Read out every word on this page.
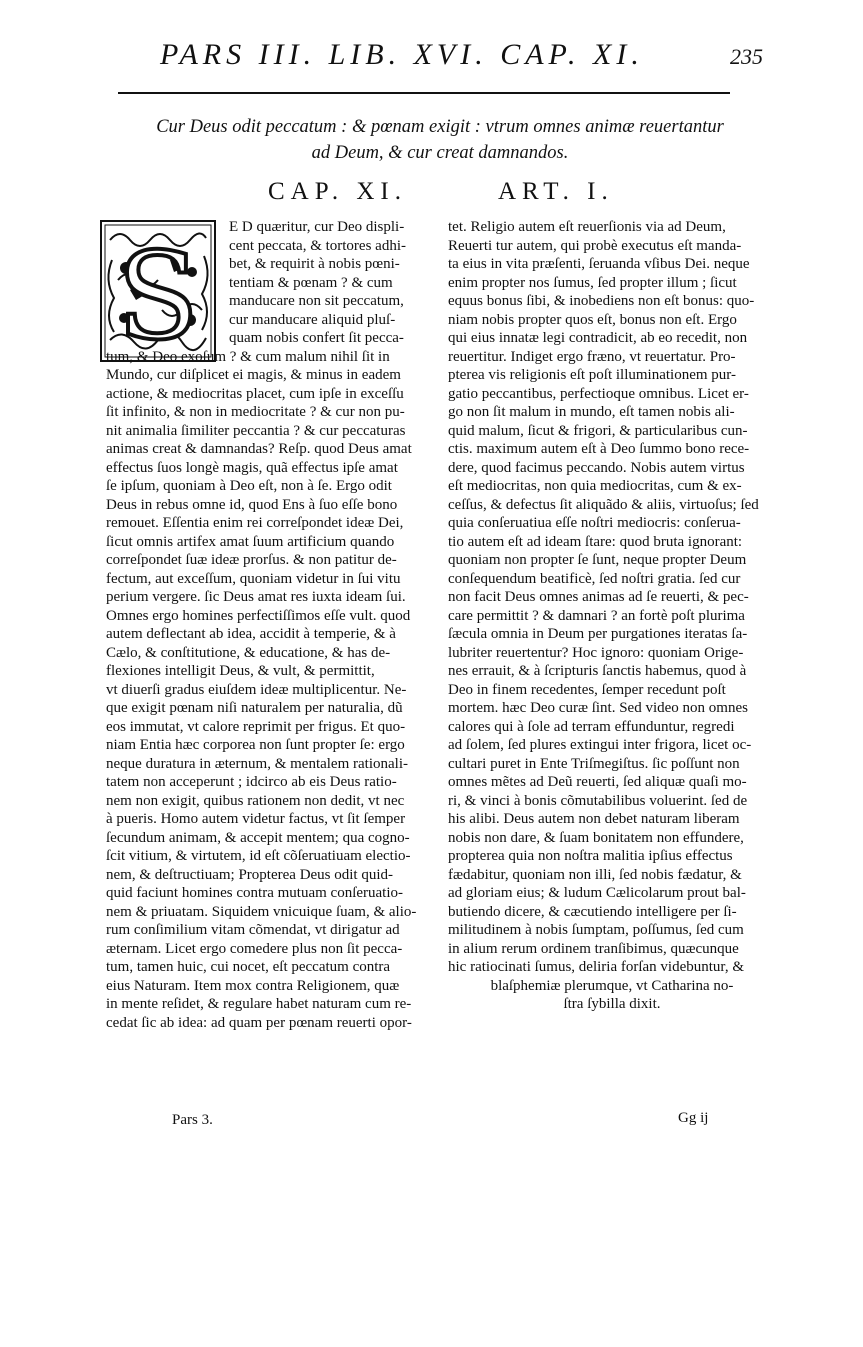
PARS III. LIB. XVI. CAP. XI.	235
Cur Deus odit peccatum : & pœnam exigit : vtrum omnes animæ reuertantur
ad Deum, & cur creat damnandos.
CAP. XI.	ART. I.
S
E D quæritur, cur Deo displi-
cent peccata, & tortores adhi-
bet, & requirit à nobis pœni-
tentiam & pœnam ? & cum
manducare non sit peccatum,
cur manducare aliquid pluſ-
quam nobis confert ſit pecca-
tum, & Deo exoſum ? & cum malum nihil ſit in
Mundo, cur diſplicet ei magis, & minus in eadem
actione, & mediocritas placet, cum ipſe in exceſſu
ſit infinito, & non in mediocritate ? & cur non pu-
nit animalia ſimiliter peccantia ? & cur peccaturas
animas creat & damnandas? Reſp. quod Deus amat
effectus ſuos longè magis, quã effectus ipſe amat
ſe ipſum, quoniam à Deo eſt, non à ſe. Ergo odit
Deus in rebus omne id, quod Ens à ſuo eſſe bono
remouet. Eſſentia enim rei correſpondet ideæ Dei,
ſicut omnis artifex amat ſuum artificium quando
correſpondet ſuæ ideæ prorſus. & non patitur de-
fectum, aut exceſſum, quoniam videtur in ſui vitu
perium vergere. ſic Deus amat res iuxta ideam ſui.
Omnes ergo homines perfectiſſimos eſſe vult. quod
autem deflectant ab idea, accidit à temperie, & à
Cælo, & conſtitutione, & educatione, & has de-
flexiones intelligit Deus, & vult, & permittit,
vt diuerſi gradus eiuſdem ideæ multiplicentur. Ne-
que exigit pœnam niſi naturalem per naturalia, dũ
eos immutat, vt calore reprimit per frigus. Et quo-
niam Entia hæc corporea non ſunt propter ſe: ergo
neque duratura in æternum, & mentalem rationali-
tatem non acceperunt ; idcirco ab eis Deus ratio-
nem non exigit, quibus rationem non dedit, vt nec
à pueris. Homo autem videtur factus, vt ſit ſemper
ſecundum animam, & accepit mentem; qua cogno-
ſcit vitium, & virtutem, id eſt cõſeruatiuam electio-
nem, & deſtructiuam; Propterea Deus odit quid-
quid faciunt homines contra mutuam conſeruatio-
nem & priuatam. Siquidem vnicuique ſuam, & alio-
rum conſimilium vitam cõmendat, vt dirigatur ad
æternam. Licet ergo comedere plus non ſit pecca-
tum, tamen huic, cui nocet, eſt peccatum contra
eius Naturam. Item mox contra Religionem, quæ
in mente reſidet, & regulare habet naturam cum re-
cedat ſic ab idea: ad quam per pœnam reuerti opor-
tet. Religio autem eſt reuerſionis via ad Deum,
Reuerti tur autem, qui probè executus eſt manda-
ta eius in vita præſenti, ſeruanda vſibus Dei. neque
enim propter nos ſumus, ſed propter illum ; ſicut
equus bonus ſibi, & inobediens non eſt bonus: quo-
niam nobis propter quos eſt, bonus non eſt. Ergo
qui eius innatæ legi contradicit, ab eo recedit, non
reuertitur. Indiget ergo fræno, vt reuertatur. Pro-
pterea vis religionis eſt poſt illuminationem pur-
gatio peccantibus, perfectioque omnibus. Licet er-
go non ſit malum in mundo, eſt tamen nobis ali-
quid malum, ſicut & frigori, & particularibus cun-
ctis. maximum autem eſt à Deo ſummo bono rece-
dere, quod facimus peccando. Nobis autem virtus
eſt mediocritas, non quia mediocritas, cum & ex-
ceſſus, & defectus ſit aliquãdo & aliis, virtuoſus; ſed
quia conſeruatiua eſſe noſtri mediocris: conſerua-
tio autem eſt ad ideam ſtare: quod bruta ignorant:
quoniam non propter ſe ſunt, neque propter Deum
conſequendum beatificè, ſed noſtri gratia. ſed cur
non facit Deus omnes animas ad ſe reuerti, & pec-
care permittit ? & damnari ? an fortè poſt plurima
ſæcula omnia in Deum per purgationes iteratas ſa-
lubriter reuertentur? Hoc ignoro: quoniam Orige-
nes errauit, & à ſcripturis ſanctis habemus, quod à
Deo in finem recedentes, ſemper recedunt poſt
mortem. hæc Deo curæ ſint. Sed video non omnes
calores qui à ſole ad terram effunduntur, regredi
ad ſolem, ſed plures extingui inter frigora, licet oc-
cultari puret in Ente Triſmegiſtus. ſic poſſunt non
omnes mẽtes ad Deũ reuerti, ſed aliquæ quaſi mo-
ri, & vinci à bonis cõmutabilibus voluerint. ſed de
his alibi. Deus autem non debet naturam liberam
nobis non dare, & ſuam bonitatem non effundere,
propterea quia non noſtra malitia ipſius effectus
fædabitur, quoniam non illi, ſed nobis fædatur, &
ad gloriam eius; & ludum Cælicolarum prout bal-
butiendo dicere, & cæcutiendo intelligere per ſi-
militudinem à nobis ſumptam, poſſumus, ſed cum
in alium rerum ordinem tranſibimus, quæcunque
hic ratiocinati ſumus, deliria forſan videbuntur, &
blaſphemiæ plerumque, vt Catharina no-
ſtra ſybilla dixit.
Pars 3.	Gg ij
